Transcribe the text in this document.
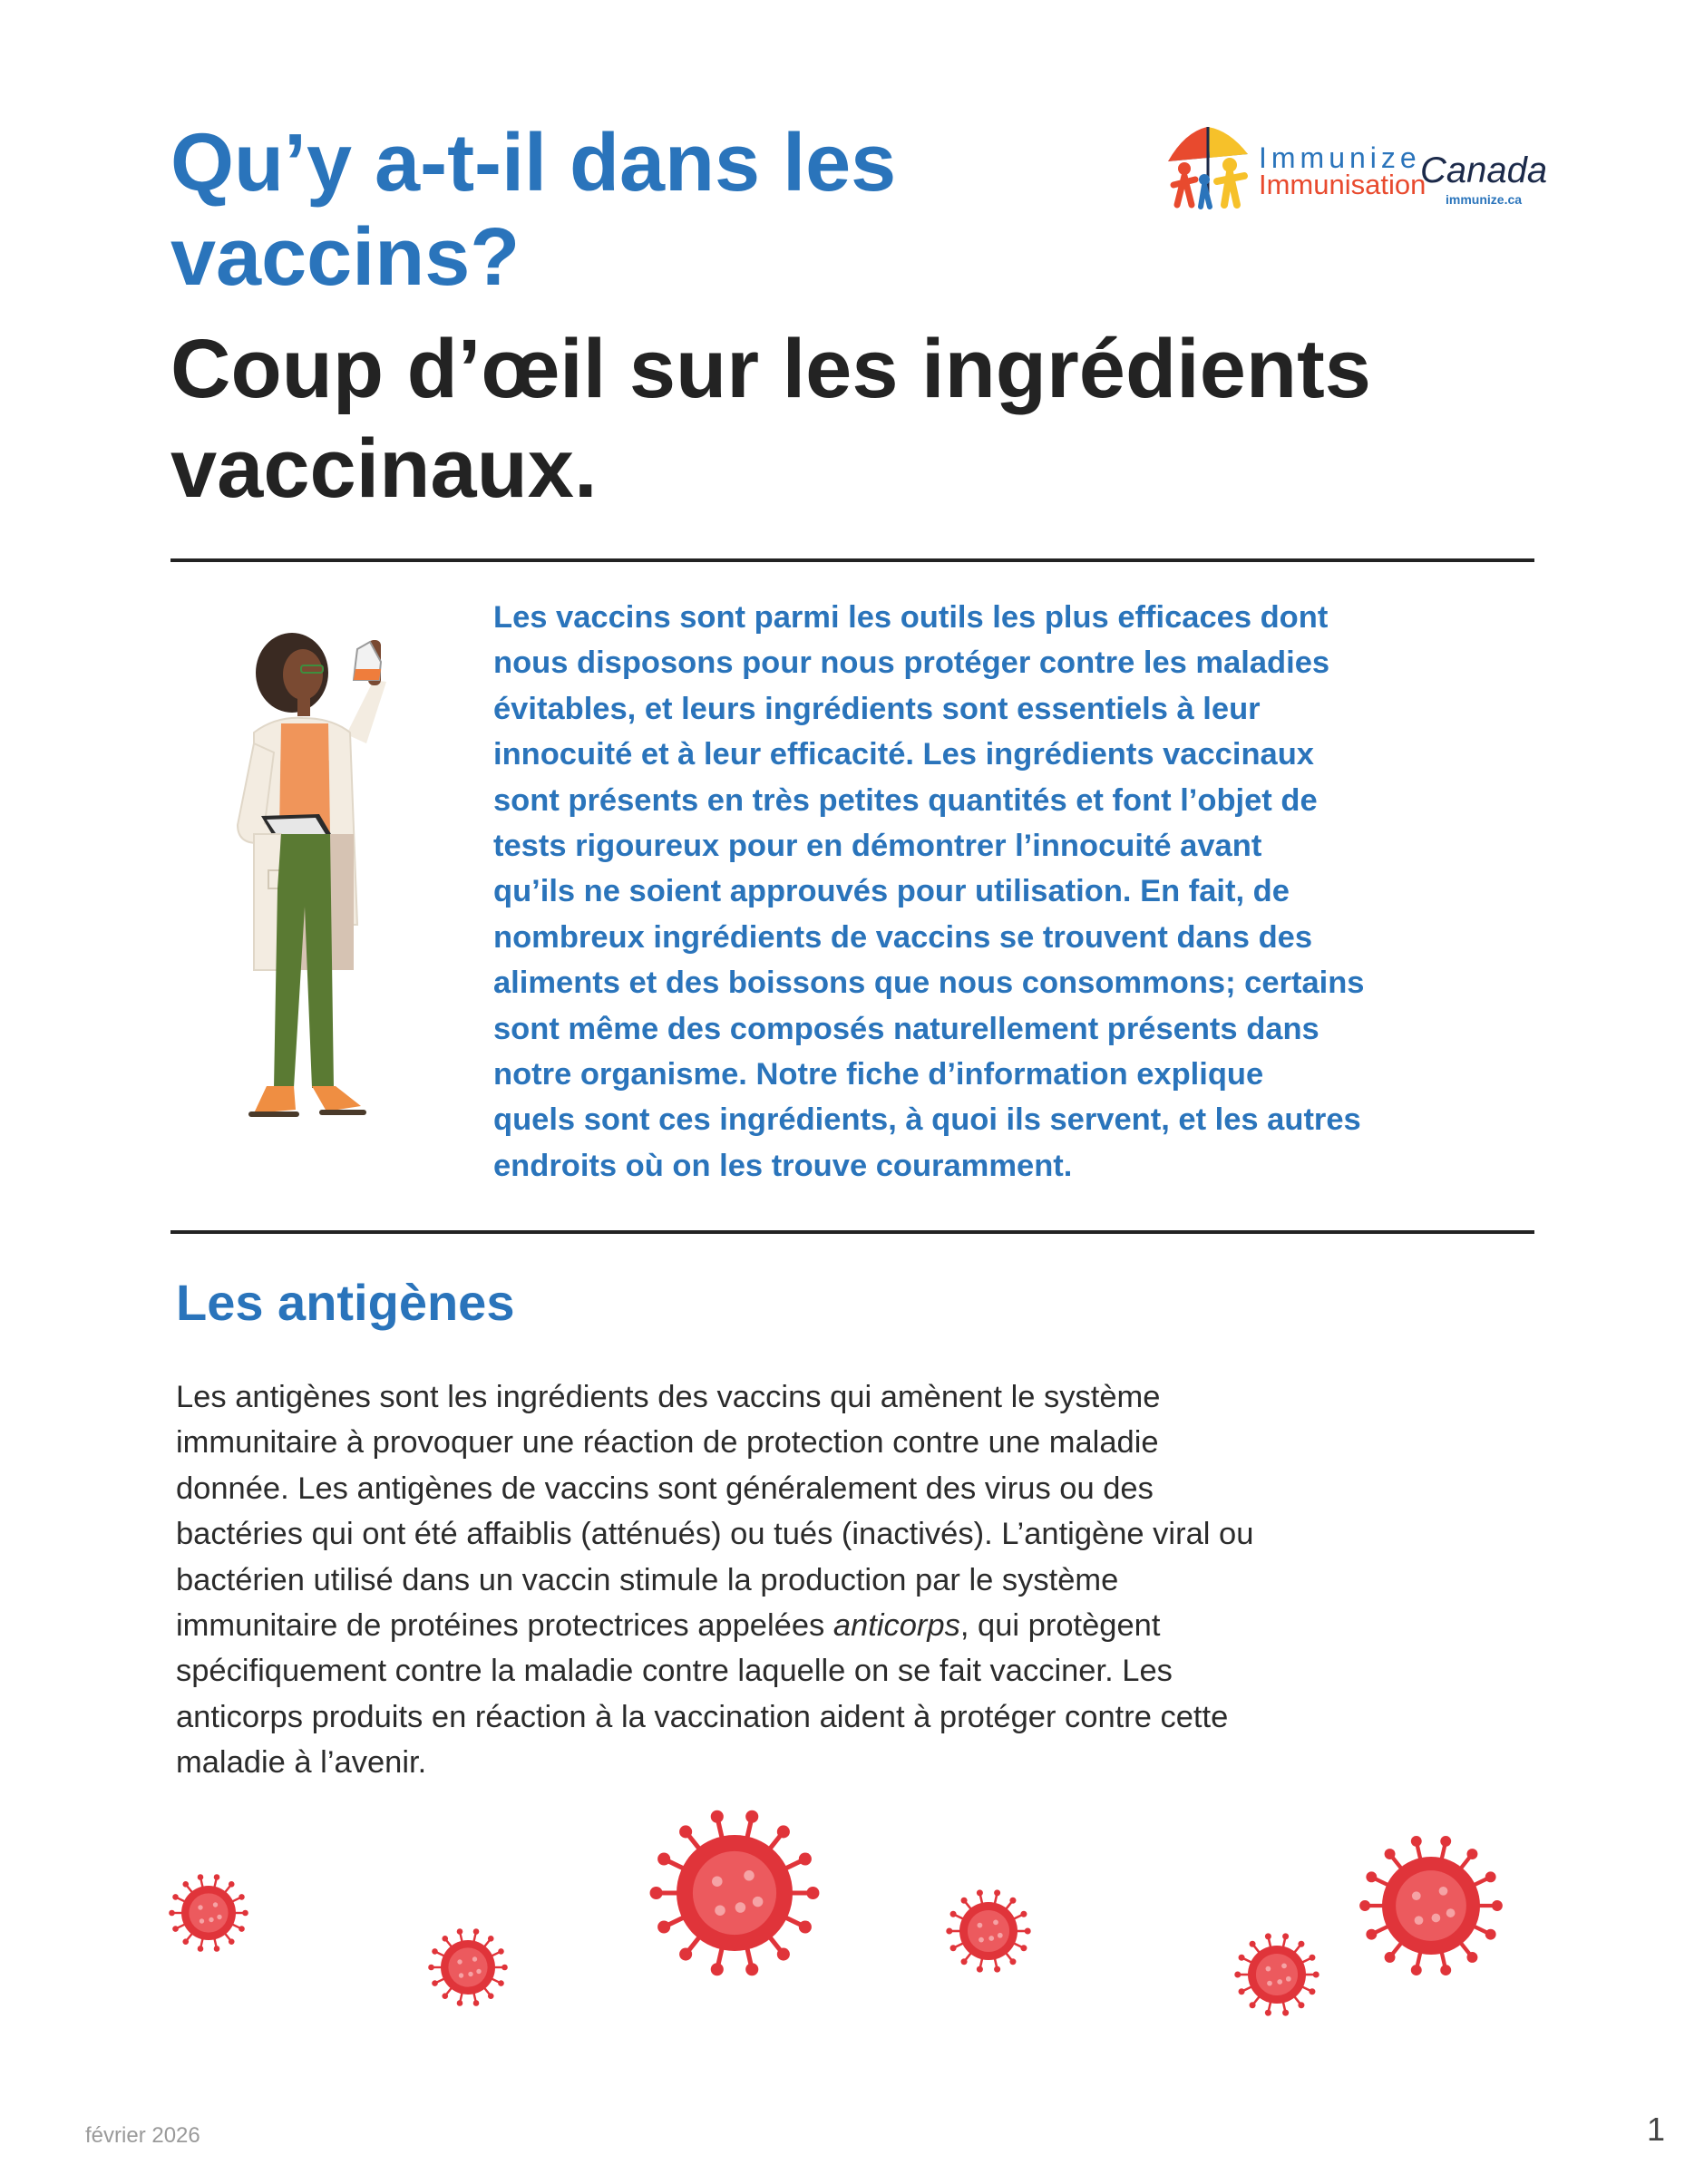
Qu’y a-t-il dans les
vaccins?
Coup d’œil sur les ingrédients
vaccinaux.
Immunize
Immunisation
Canada
immunize.ca

Les vaccins sont parmi les outils les plus efficaces dont
nous disposons pour nous protéger contre les maladies
évitables, et leurs ingrédients sont essentiels à leur
innocuité et à leur efficacité. Les ingrédients vaccinaux
sont présents en très petites quantités et font l’objet de
tests rigoureux pour en démontrer l’innocuité avant
qu’ils ne soient approuvés pour utilisation. En fait, de
nombreux ingrédients de vaccins se trouvent dans des
aliments et des boissons que nous consommons; certains
sont même des composés naturellement présents dans
notre organisme. Notre fiche d’information explique
quels sont ces ingrédients, à quoi ils servent, et les autres
endroits où on les trouve couramment.

Les antigènes

Les antigènes sont les ingrédients des vaccins qui amènent le système
immunitaire à provoquer une réaction de protection contre une maladie
donnée. Les antigènes de vaccins sont généralement des virus ou des
bactéries qui ont été affaiblis (atténués) ou tués (inactivés). L’antigène viral ou
bactérien utilisé dans un vaccin stimule la production par le système
immunitaire de protéines protectrices appelées anticorps, qui protègent
spécifiquement contre la maladie contre laquelle on se fait vacciner. Les
anticorps produits en réaction à la vaccination aident à protéger contre cette
maladie à l’avenir.

février 2026	1
